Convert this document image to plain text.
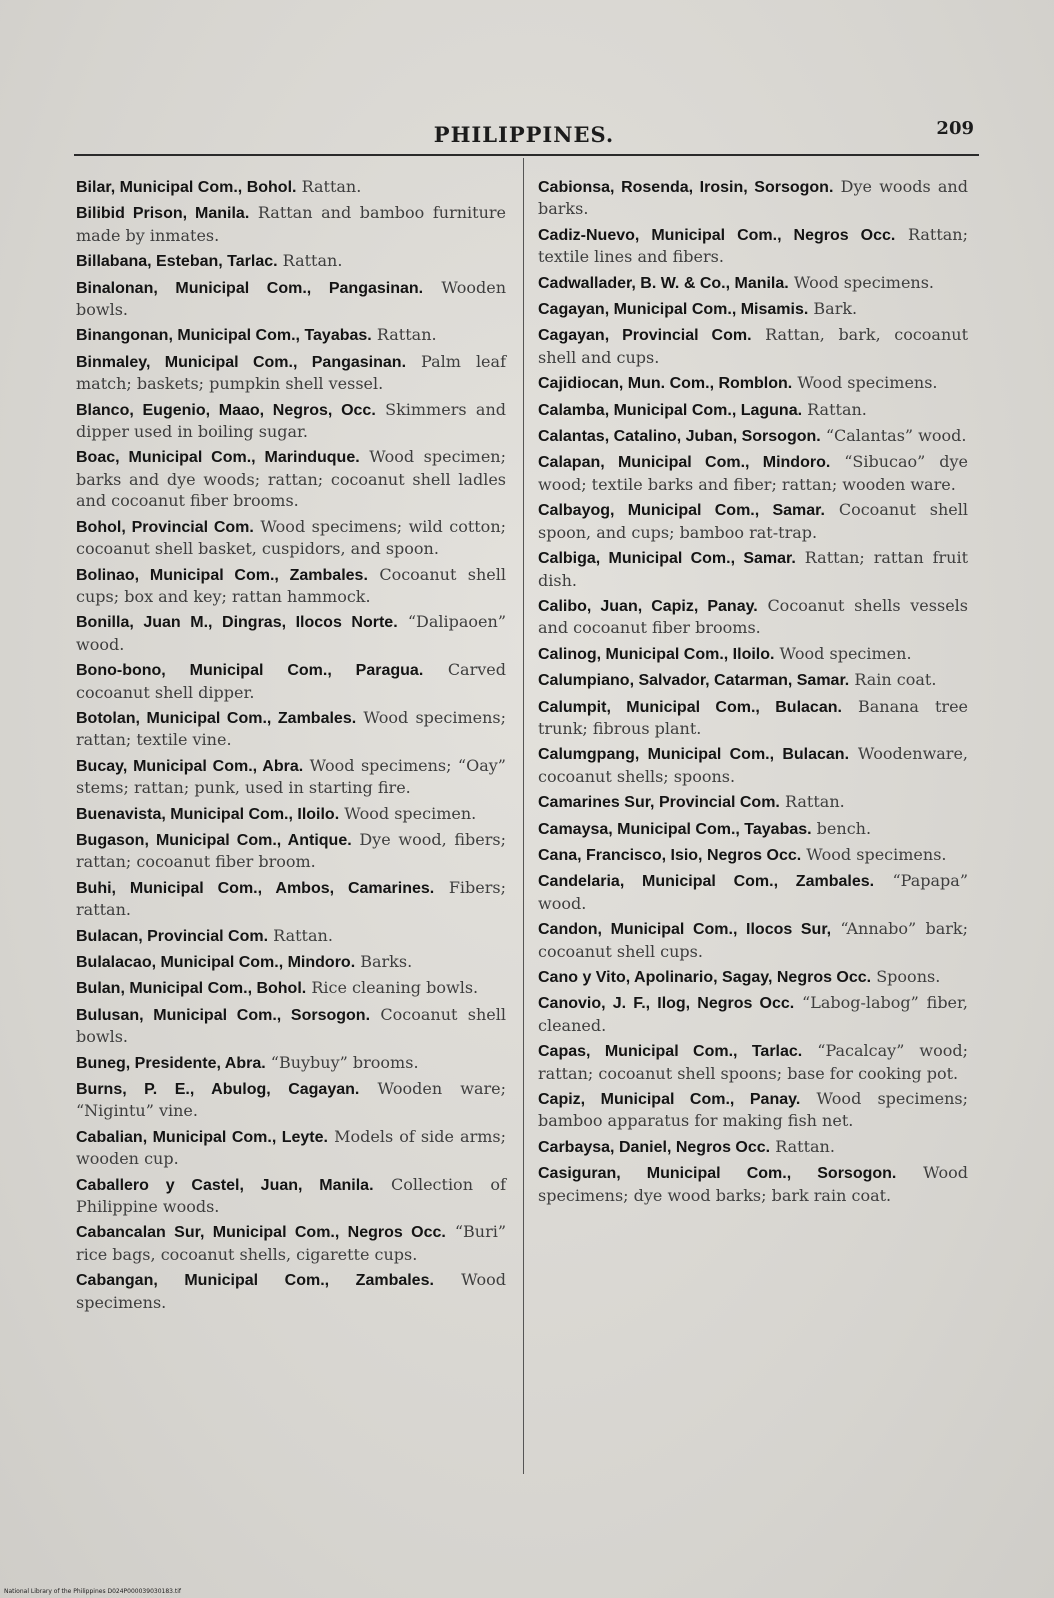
PHILIPPINES.	209
Bilar, Municipal Com., Bohol. Rattan.
Bilibid Prison, Manila. Rattan and bamboo furniture made by inmates.
Billabana, Esteban, Tarlac. Rattan.
Binalonan, Municipal Com., Pangasinan. Wooden bowls.
Binangonan, Municipal Com., Tayabas. Rattan.
Binmaley, Municipal Com., Pangasinan. Palm leaf match; baskets; pumpkin shell vessel.
Blanco, Eugenio, Maao, Negros, Occ. Skimmers and dipper used in boiling sugar.
Boac, Municipal Com., Marinduque. Wood specimen; barks and dye woods; rattan; cocoanut shell ladles and cocoanut fiber brooms.
Bohol, Provincial Com. Wood specimens; wild cotton; cocoanut shell basket, cuspidors, and spoon.
Bolinao, Municipal Com., Zambales. Cocoanut shell cups; box and key; rattan hammock.
Bonilla, Juan M., Dingras, Ilocos Norte. “Dalipaoen” wood.
Bono-bono, Municipal Com., Paragua. Carved cocoanut shell dipper.
Botolan, Municipal Com., Zambales. Wood specimens; rattan; textile vine.
Bucay, Municipal Com., Abra. Wood specimens; “Oay” stems; rattan; punk, used in starting fire.
Buenavista, Municipal Com., Iloilo. Wood specimen.
Bugason, Municipal Com., Antique. Dye wood, fibers; rattan; cocoanut fiber broom.
Buhi, Municipal Com., Ambos, Camarines. Fibers; rattan.
Bulacan, Provincial Com. Rattan.
Bulalacao, Municipal Com., Mindoro. Barks.
Bulan, Municipal Com., Bohol. Rice cleaning bowls.
Bulusan, Municipal Com., Sorsogon. Cocoanut shell bowls.
Buneg, Presidente, Abra. “Buybuy” brooms.
Burns, P. E., Abulog, Cagayan. Wooden ware; “Nigintu” vine.
Cabalian, Municipal Com., Leyte. Models of side arms; wooden cup.
Caballero y Castel, Juan, Manila. Collection of Philippine woods.
Cabancalan Sur, Municipal Com., Negros Occ. “Buri” rice bags, cocoanut shells, cigarette cups.
Cabangan, Municipal Com., Zambales. Wood specimens.
Cabionsa, Rosenda, Irosin, Sorsogon. Dye woods and barks.
Cadiz-Nuevo, Municipal Com., Negros Occ. Rattan; textile lines and fibers.
Cadwallader, B. W. & Co., Manila. Wood specimens.
Cagayan, Municipal Com., Misamis. Bark.
Cagayan, Provincial Com. Rattan, bark, cocoanut shell and cups.
Cajidiocan, Mun. Com., Romblon. Wood specimens.
Calamba, Municipal Com., Laguna. Rattan.
Calantas, Catalino, Juban, Sorsogon. “Calantas” wood.
Calapan, Municipal Com., Mindoro. “Sibucao” dye wood; textile barks and fiber; rattan; wooden ware.
Calbayog, Municipal Com., Samar. Cocoanut shell spoon, and cups; bamboo rat-trap.
Calbiga, Municipal Com., Samar. Rattan; rattan fruit dish.
Calibo, Juan, Capiz, Panay. Cocoanut shells vessels and cocoanut fiber brooms.
Calinog, Municipal Com., Iloilo. Wood specimen.
Calumpiano, Salvador, Catarman, Samar. Rain coat.
Calumpit, Municipal Com., Bulacan. Banana tree trunk; fibrous plant.
Calumgpang, Municipal Com., Bulacan. Woodenware, cocoanut shells; spoons.
Camarines Sur, Provincial Com. Rattan.
Camaysa, Municipal Com., Tayabas. bench.
Cana, Francisco, Isio, Negros Occ. Wood specimens.
Candelaria, Municipal Com., Zambales. “Papapa” wood.
Candon, Municipal Com., Ilocos Sur, “Annabo” bark; cocoanut shell cups.
Cano y Vito, Apolinario, Sagay, Negros Occ. Spoons.
Canovio, J. F., Ilog, Negros Occ. “Labog-labog” fiber, cleaned.
Capas, Municipal Com., Tarlac. “Pacalcay” wood; rattan; cocoanut shell spoons; base for cooking pot.
Capiz, Municipal Com., Panay. Wood specimens; bamboo apparatus for making fish net.
Carbaysa, Daniel, Negros Occ. Rattan.
Casiguran, Municipal Com., Sorsogon. Wood specimens; dye wood barks; bark rain coat.
National Library of the Philippines D024P000039030183.tif
